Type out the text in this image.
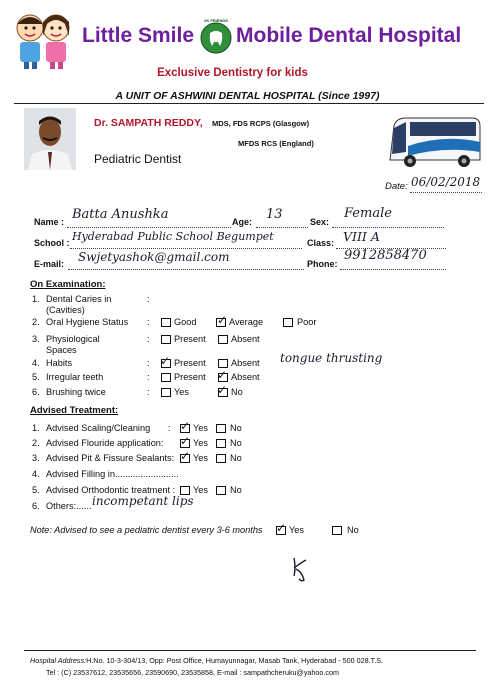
Little Smile
2K FRIENDS
Mobile Dental Hospital
Exclusive Dentistry for kids
A UNIT OF ASHWINI DENTAL HOSPITAL (Since 1997)
Dr. SAMPATH REDDY, MDS, FDS RCPS (Glasgow)
MFDS RCS (England)
Pediatric Dentist
Date: 06/02/2018
Name : Batta Anushka	Age: 13	Sex:
Female
School : Hyderabad Public School Begumpet	Class: VIII A
E-mail: Swjetyashok@gmail.com	Phone:
9912858470
On Examination:
1. Dental Caries in
(Cavities)
:
2. Oral Hygiene Status :	Good ✓ Average	Poor
3. Physiological
Spaces
:	Present	Absent
4. Habits	: ✓ Present	Absent tongue thrusting
5. Irregular teeth	:	Present ✓ Absent
6. Brushing twice	:	Yes ✓ No
Advised Treatment:
1. Advised Scaling/Cleaning : ✓ Yes No
2. Advised Flouride application: ✓ Yes No
3. Advised Pit & Fissure Sealants: ✓ Yes No
4. Advised Filling in.........................
5. Advised Orthodontic treatment : Yes No
6. Others:...... incompetant lips
Note: Advised to see a pediatric dentist every 3-6 months ✓ Yes	No
Hospital Address:H.No. 10-3-304/13, Opp: Post Office, Humayunnagar, Masab Tank, Hyderabad - 500 028.T.S.
Tel : (C) 23537612, 23535656, 23590690, 23535858, E-mail : sampathcheruku@yahoo.com
